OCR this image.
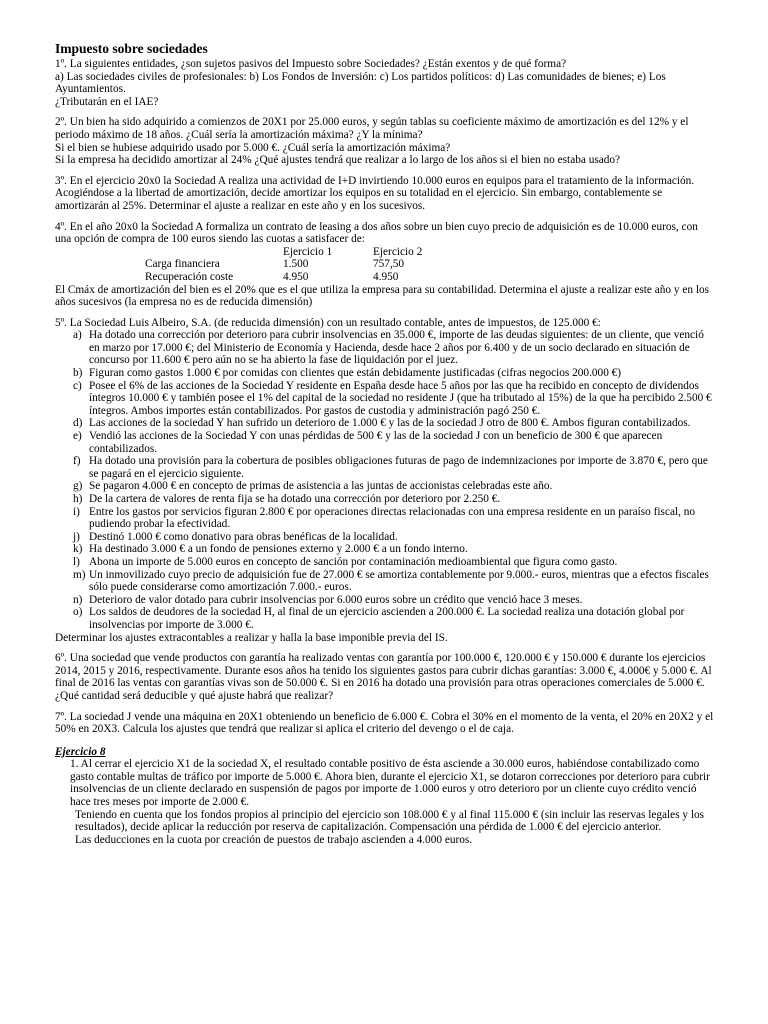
Impuesto sobre sociedades

1º. La siguientes entidades, ¿son sujetos pasivos del Impuesto sobre Sociedades? ¿Están exentos y de qué forma?

a) Las sociedades civiles de profesionales: b) Los Fondos de Inversión: c) Los partidos políticos: d) Las comunidades de bienes; e) Los Ayuntamientos.

¿Tributarán en el IAE?

2º. Un bien ha sido adquirido a comienzos de 20X1 por 25.000 euros, y según tablas su coeficiente máximo de amortización es del 12% y el periodo máximo de 18 años. ¿Cuál sería la amortización máxima? ¿Y la mínima?

Si el bien se hubiese adquirido usado por 5.000 €. ¿Cuál sería la amortización máxima?

Si la empresa ha decidido amortizar al 24% ¿Qué ajustes tendrá que realizar a lo largo de los años si el bien no estaba usado?

3º. En el ejercicio 20x0 la Sociedad A realiza una actividad de I+D invirtiendo 10.000 euros en equipos para el tratamiento de la información. Acogiéndose a la libertad de amortización, decide amortizar los equipos en su totalidad en el ejercicio. Sin embargo, contablemente se amortizarán al 25%. Determinar el ajuste a realizar en este año y en los sucesivos.

4º. En el año 20x0 la Sociedad A formaliza un contrato de leasing a dos años sobre un bien cuyo precio de adquisición es de 10.000 euros, con una opción de compra de 100 euros siendo las cuotas a satisfacer de:

	Ejercicio 1	Ejercicio 2
Carga financiera	1.500	757,50
Recuperación coste	4.950	4.950

El Cmáx de amortización del bien es el 20% que es el que utiliza la empresa para su contabilidad. Determina el ajuste a realizar este año y en los años sucesivos (la empresa no es de reducida dimensión)

5º. La Sociedad Luis Albeiro, S.A. (de reducida dimensión) con un resultado contable, antes de impuestos, de 125.000 €:

a) Ha dotado una corrección por deterioro para cubrir insolvencias en 35.000 €, importe de las deudas siguientes: de un cliente, que venció en marzo por 17.000 €; del Ministerio de Economía y Hacienda, desde hace 2 años por 6.400 y de un socio declarado en situación de concurso por 11.600 € pero aún no se ha abierto la fase de liquidación por el juez.
b) Figuran como gastos 1.000 € por comidas con clientes que están debidamente justificadas (cifras negocios 200.000 €)
c) Posee el 6% de las acciones de la Sociedad Y residente en España desde hace 5 años por las que ha recibido en concepto de dividendos íntegros 10.000 € y también posee el 1% del capital de la sociedad no residente J (que ha tributado al 15%) de la que ha percibido 2.500 € íntegros. Ambos importes están contabilizados. Por gastos de custodia y administración pagó 250 €.
d) Las acciones de la sociedad Y han sufrido un deterioro de 1.000 € y las de la sociedad J otro de 800 €. Ambos figuran contabilizados.
e) Vendió las acciones de la Sociedad Y con unas pérdidas de 500 € y las de la sociedad J con un beneficio de 300 € que aparecen contabilizados.
f) Ha dotado una provisión para la cobertura de posibles obligaciones futuras de pago de indemnizaciones por importe de 3.870 €, pero que se pagará en el ejercicio siguiente.
g) Se pagaron 4.000 € en concepto de primas de asistencia a las juntas de accionistas celebradas este año.
h) De la cartera de valores de renta fija se ha dotado una corrección por deterioro por 2.250 €.
i) Entre los gastos por servicios figuran 2.800 € por operaciones directas relacionadas con una empresa residente en un paraíso fiscal, no pudiendo probar la efectividad.
j) Destinó 1.000 € como donativo para obras benéficas de la localidad.
k) Ha destinado 3.000 € a un fondo de pensiones externo y 2.000 € a un fondo interno.
l) Abona un importe de 5.000 euros en concepto de sanción por contaminación medioambiental que figura como gasto.
m) Un inmovilizado cuyo precio de adquisición fue de 27.000 € se amortiza contablemente por 9.000.- euros, mientras que a efectos fiscales sólo puede considerarse como amortización 7.000.- euros.
n) Deterioro de valor dotado para cubrir insolvencias por 6.000 euros sobre un crédito que venció hace 3 meses.
o) Los saldos de deudores de la sociedad H, al final de un ejercicio ascienden a 200.000 €. La sociedad realiza una dotación global por insolvencias por importe de 3.000 €.

Determinar los ajustes extracontables a realizar y halla la base imponible previa del IS.

6º. Una sociedad que vende productos con garantía ha realizado ventas con garantía por 100.000 €, 120.000 € y 150.000 € durante los ejercicios 2014, 2015 y 2016, respectivamente. Durante esos años ha tenido los siguientes gastos para cubrir dichas garantías: 3.000 €, 4.000€ y 5.000 €. Al final de 2016 las ventas con garantías vivas son de 50.000 €. Si en 2016 ha dotado una provisión para otras operaciones comerciales de 5.000 €. ¿Qué cantidad será deducible y qué ajuste habrá que realizar?

7º. La sociedad J vende una máquina en 20X1 obteniendo un beneficio de 6.000 €. Cobra el 30% en el momento de la venta, el 20% en 20X2 y el 50% en 20X3. Calcula los ajustes que tendrá que realizar si aplica el criterio del devengo o el de caja.

Ejercicio 8

1. Al cerrar el ejercicio X1 de la sociedad X, el resultado contable positivo de ésta asciende a 30.000 euros, habiéndose contabilizado como gasto contable multas de tráfico por importe de 5.000 €. Ahora bien, durante el ejercicio X1, se dotaron correcciones por deterioro para cubrir insolvencias de un cliente declarado en suspensión de pagos por importe de 1.000 euros y otro deterioro por un cliente cuyo crédito venció hace tres meses por importe de 2.000 €.

Teniendo en cuenta que los fondos propios al principio del ejercicio son 108.000 € y al final 115.000 € (sin incluir las reservas legales y los resultados), decide aplicar la reducción por reserva de capitalización. Compensación una pérdida de 1.000 € del ejercicio anterior.

Las deducciones en la cuota por creación de puestos de trabajo ascienden a 4.000 euros.
